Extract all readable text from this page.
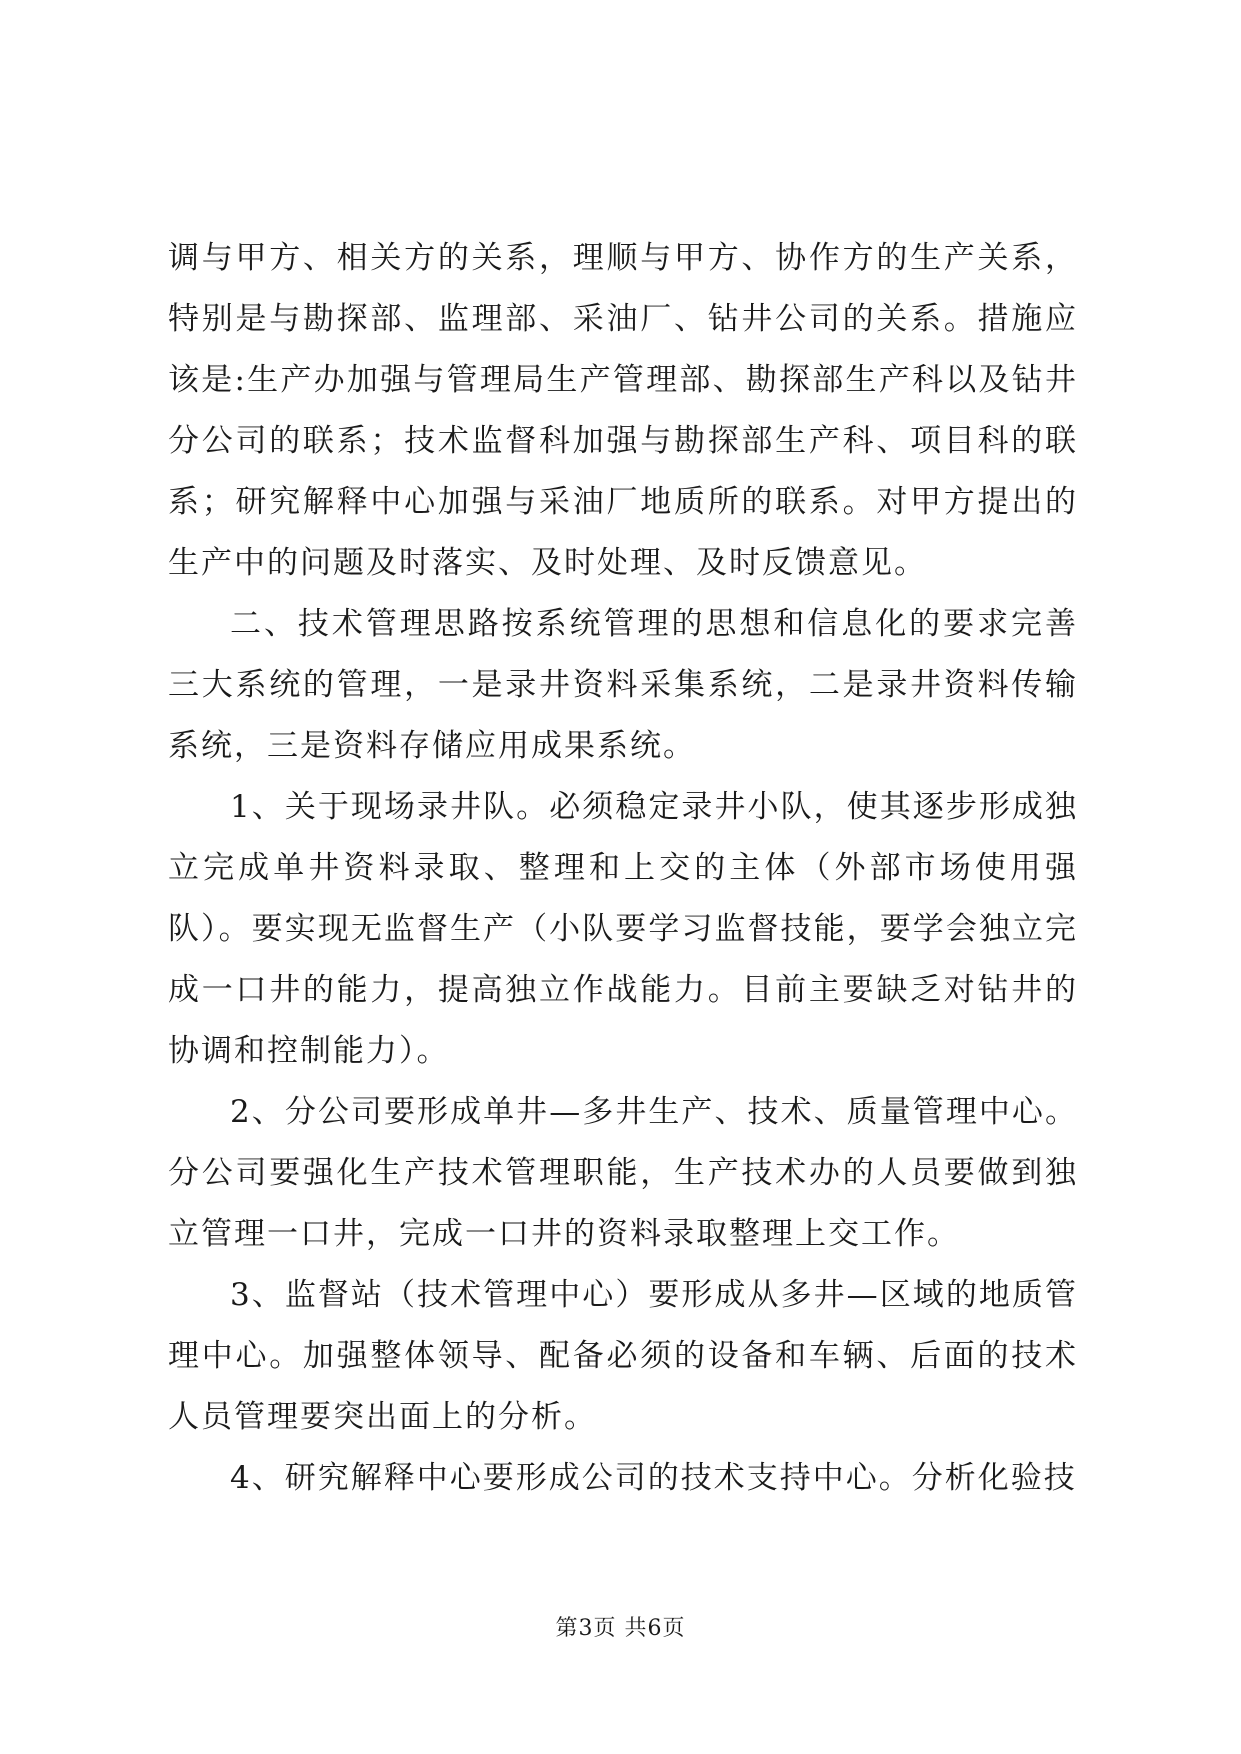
调与甲方、相关方的关系，理顺与甲方、协作方的生产关系，特别是与勘探部、监理部、采油厂、钻井公司的关系。措施应该是:生产办加强与管理局生产管理部、勘探部生产科以及钻井分公司的联系；技术监督科加强与勘探部生产科、项目科的联系；研究解释中心加强与采油厂地质所的联系。对甲方提出的生产中的问题及时落实、及时处理、及时反馈意见。

二、技术管理思路按系统管理的思想和信息化的要求完善三大系统的管理，一是录井资料采集系统，二是录井资料传输系统，三是资料存储应用成果系统。

1、关于现场录井队。必须稳定录井小队，使其逐步形成独立完成单井资料录取、整理和上交的主体（外部市场使用强队）。要实现无监督生产（小队要学习监督技能，要学会独立完成一口井的能力，提高独立作战能力。目前主要缺乏对钻井的协调和控制能力）。

2、分公司要形成单井—多井生产、技术、质量管理中心。分公司要强化生产技术管理职能，生产技术办的人员要做到独立管理一口井，完成一口井的资料录取整理上交工作。

3、监督站（技术管理中心）要形成从多井—区域的地质管理中心。加强整体领导、配备必须的设备和车辆、后面的技术人员管理要突出面上的分析。

4、研究解释中心要形成公司的技术支持中心。分析化验技

第3页 共6页
